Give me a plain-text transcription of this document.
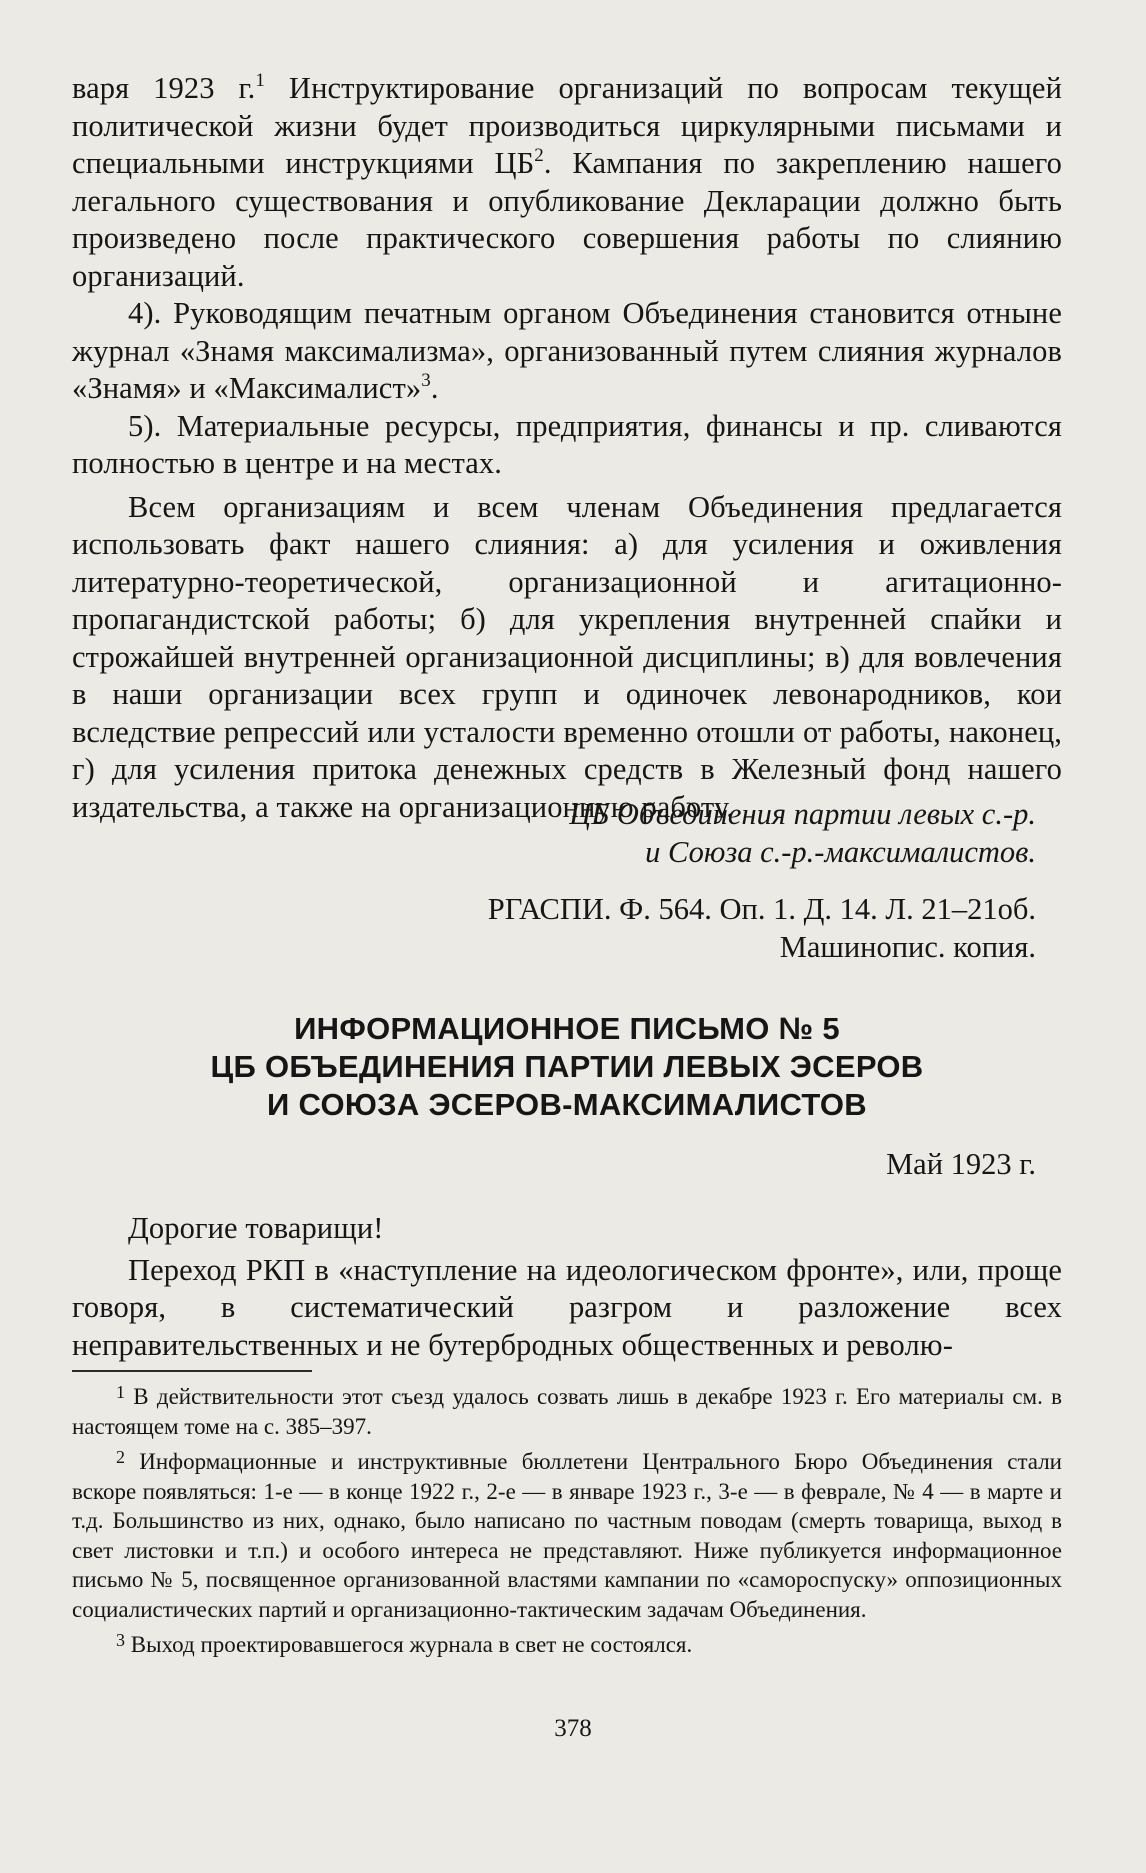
варя 1923 г.$^1$ Инструктирование организаций по вопросам текущей политической жизни будет производиться циркулярными письмами и специальными инструкциями $ЦБ^2$. Кампания по закреплению нашего легального существования и опубликование Декларации должно быть произведено после практического совершения работы по слиянию организаций.

4). Руководящим печатным органом Объединения становится отныне журнал «Знамя максимализма», организованный путем слияния журналов «Знамя» и «Максималист»$^3$.

5). Материальные ресурсы, предприятия, финансы и пр. сливаются полностью в центре и на местах.

Всем организациям и всем членам Объединения предлагается использовать факт нашего слияния: а) для усиления и оживления литературно-теоретической, организационной и агитационно-пропагандистской работы; б) для укрепления внутренней спайки и строжайшей внутренней организационной дисциплины; в) для вовлечения в наши организации всех групп и одиночек левонародников, кои вследствие репрессий или усталости временно отошли от работы, наконец, г) для усиления притока денежных средств в Железный фонд нашего издательства, а также на организационную работу.

ЦБ Объединения партии левых с.-р.
и Союза с.-р.-максималистов.
РГАСПИ. Ф. 564. Оп. 1. Д. 14. Л. 21–21об.
Машинопис. копия.
ИНФОРМАЦИОННОЕ ПИСЬМО № 5
ЦБ ОБЪЕДИНЕНИЯ ПАРТИИ ЛЕВЫХ ЭСЕРОВ
И СОЮЗА ЭСЕРОВ-МАКСИМАЛИСТОВ
Май 1923 г.

Дорогие товарищи!

Переход РКП в «наступление на идеологическом фронте», или, проще говоря, в систематический разгром и разложение всех неправительственных и не бутербродных общественных и револю-

$^1$ В действительности этот съезд удалось созвать лишь в декабре 1923 г. Его материалы см. в настоящем томе на с. 385–397.

$^2$ Информационные и инструктивные бюллетени Центрального Бюро Объединения стали вскоре появляться: 1-е — в конце 1922 г., 2-е — в январе 1923 г., 3-е — в феврале, № 4 — в марте и т.д. Большинство из них, однако, было написано по частным поводам (смерть товарища, выход в свет листовки и т.п.) и особого интереса не представляют. Ниже публикуется информационное письмо № 5, посвященное организованной властями кампании по «самороспуску» оппозиционных социалистических партий и организационно-тактическим задачам Объединения.

$^3$ Выход проектировавшегося журнала в свет не состоялся.

378
